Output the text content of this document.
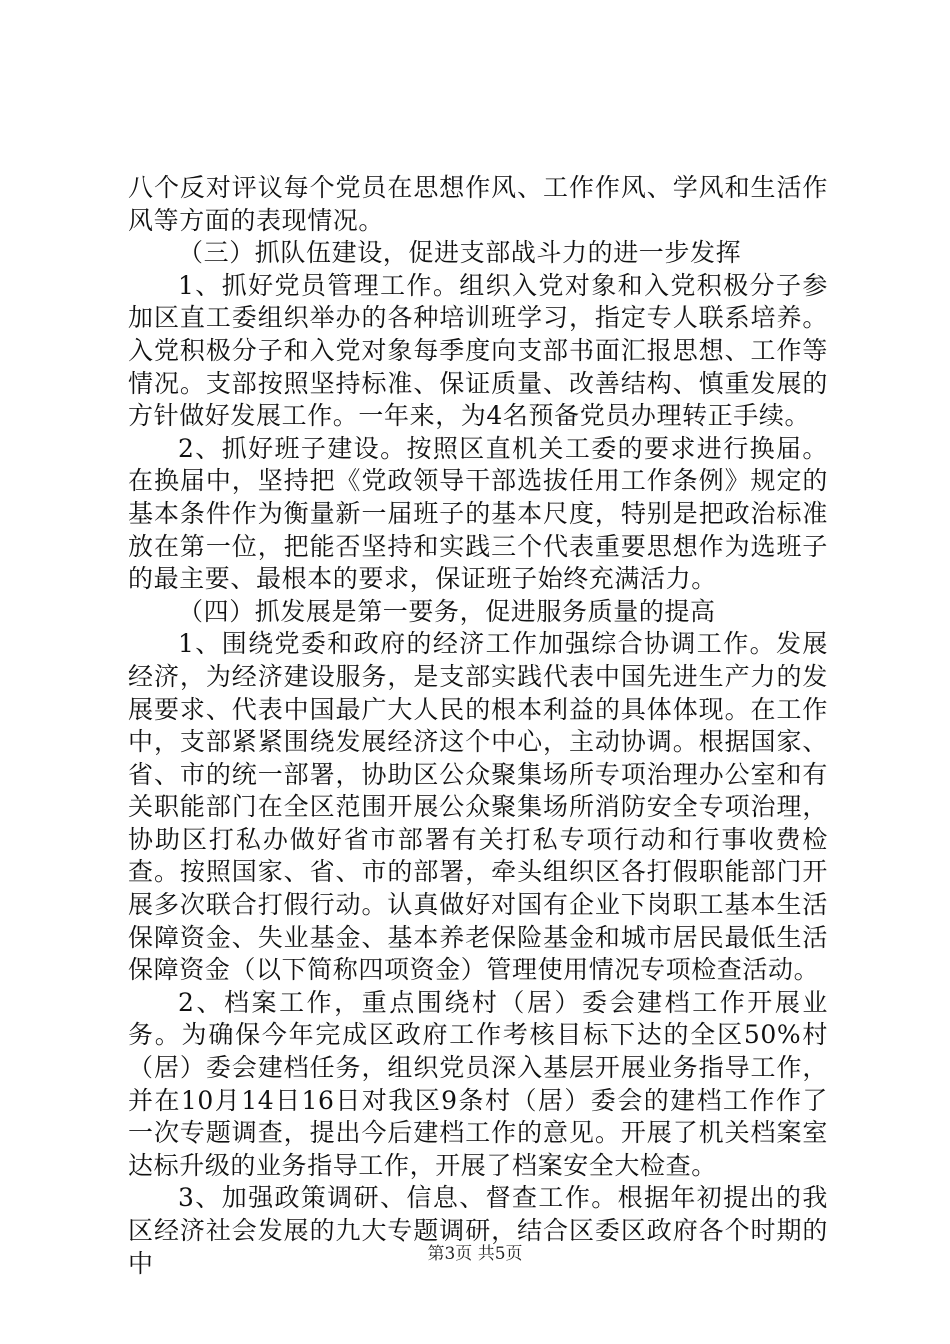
八个反对评议每个党员在思想作风、工作作风、学风和生活作风等方面的表现情况。

（三）抓队伍建设，促进支部战斗力的进一步发挥

1、抓好党员管理工作。组织入党对象和入党积极分子参加区直工委组织举办的各种培训班学习，指定专人联系培养。入党积极分子和入党对象每季度向支部书面汇报思想、工作等情况。支部按照坚持标准、保证质量、改善结构、慎重发展的方针做好发展工作。一年来，为4名预备党员办理转正手续。

2、抓好班子建设。按照区直机关工委的要求进行换届。在换届中，坚持把《党政领导干部选拔任用工作条例》规定的基本条件作为衡量新一届班子的基本尺度，特别是把政治标准放在第一位，把能否坚持和实践三个代表重要思想作为选班子的最主要、最根本的要求，保证班子始终充满活力。

（四）抓发展是第一要务，促进服务质量的提高

1、围绕党委和政府的经济工作加强综合协调工作。发展经济，为经济建设服务，是支部实践代表中国先进生产力的发展要求、代表中国最广大人民的根本利益的具体体现。在工作中，支部紧紧围绕发展经济这个中心，主动协调。根据国家、省、市的统一部署，协助区公众聚集场所专项治理办公室和有关职能部门在全区范围开展公众聚集场所消防安全专项治理，协助区打私办做好省市部署有关打私专项行动和行事收费检查。按照国家、省、市的部署，牵头组织区各打假职能部门开展多次联合打假行动。认真做好对国有企业下岗职工基本生活保障资金、失业基金、基本养老保险基金和城市居民最低生活保障资金（以下简称四项资金）管理使用情况专项检查活动。

2、档案工作，重点围绕村（居）委会建档工作开展业务。为确保今年完成区政府工作考核目标下达的全区50%村（居）委会建档任务，组织党员深入基层开展业务指导工作，并在10月14日16日对我区9条村（居）委会的建档工作作了一次专题调查，提出今后建档工作的意见。开展了机关档案室达标升级的业务指导工作，开展了档案安全大检查。

3、加强政策调研、信息、督查工作。根据年初提出的我区经济社会发展的九大专题调研，结合区委区政府各个时期的中	第3页 共5页
